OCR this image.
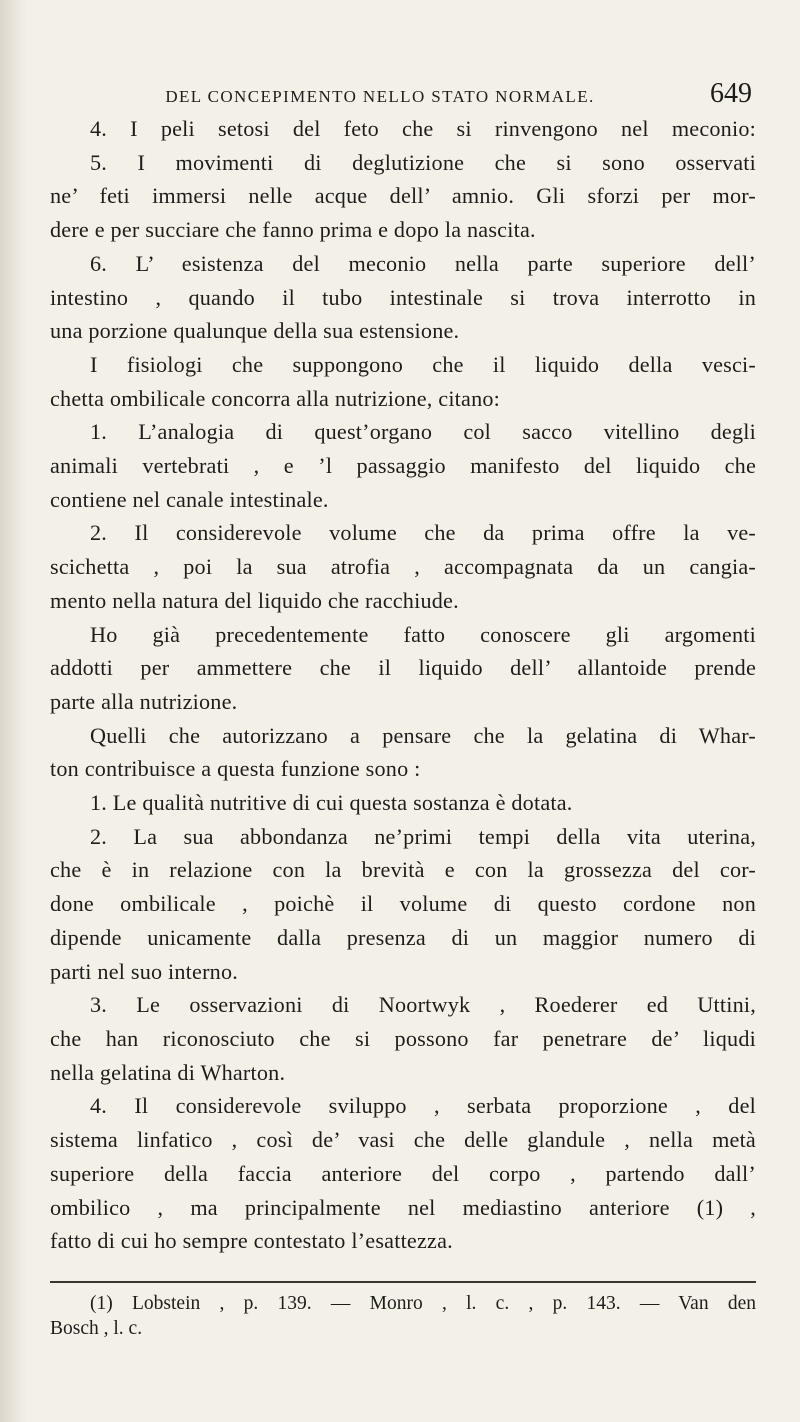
DEL CONCEPIMENTO NELLO STATO NORMALE.	649

4. I peli setosi del feto che si rinvengono nel meconio:

5. I movimenti di deglutizione che si sono osservati

ne’ feti immersi nelle acque dell’ amnio. Gli sforzi per mor-

dere e per succiare che fanno prima e dopo la nascita.

6. L’ esistenza del meconio nella parte superiore dell’

intestino , quando il tubo intestinale si trova interrotto in

una porzione qualunque della sua estensione.

I fisiologi che suppongono che il liquido della vesci-

chetta ombilicale concorra alla nutrizione, citano:

1. L’analogia di quest’organo col sacco vitellino degli

animali vertebrati , e ’l passaggio manifesto del liquido che

contiene nel canale intestinale.

2. Il considerevole volume che da prima offre la ve-

scichetta , poi la sua atrofia , accompagnata da un cangia-

mento nella natura del liquido che racchiude.

Ho già precedentemente fatto conoscere gli argomenti

addotti per ammettere che il liquido dell’ allantoide prende

parte alla nutrizione.

Quelli che autorizzano a pensare che la gelatina di Whar-

ton contribuisce a questa funzione sono :

1. Le qualità nutritive di cui questa sostanza è dotata.

2. La sua abbondanza ne’primi tempi della vita uterina,

che è in relazione con la brevità e con la grossezza del cor-

done ombilicale , poichè il volume di questo cordone non

dipende unicamente dalla presenza di un maggior numero di

parti nel suo interno.

3. Le osservazioni di Noortwyk , Roederer ed Uttini,

che han riconosciuto che si possono far penetrare de’ liqudi

nella gelatina di Wharton.

4. Il considerevole sviluppo , serbata proporzione , del

sistema linfatico , così de’ vasi che delle glandule , nella metà

superiore della faccia anteriore del corpo , partendo dall’

ombilico , ma principalmente nel mediastino anteriore (1) ,

fatto di cui ho sempre contestato l’esattezza.

(1) Lobstein , p. 139. — Monro , l. c. , p. 143. — Van den

Bosch , l. c.
